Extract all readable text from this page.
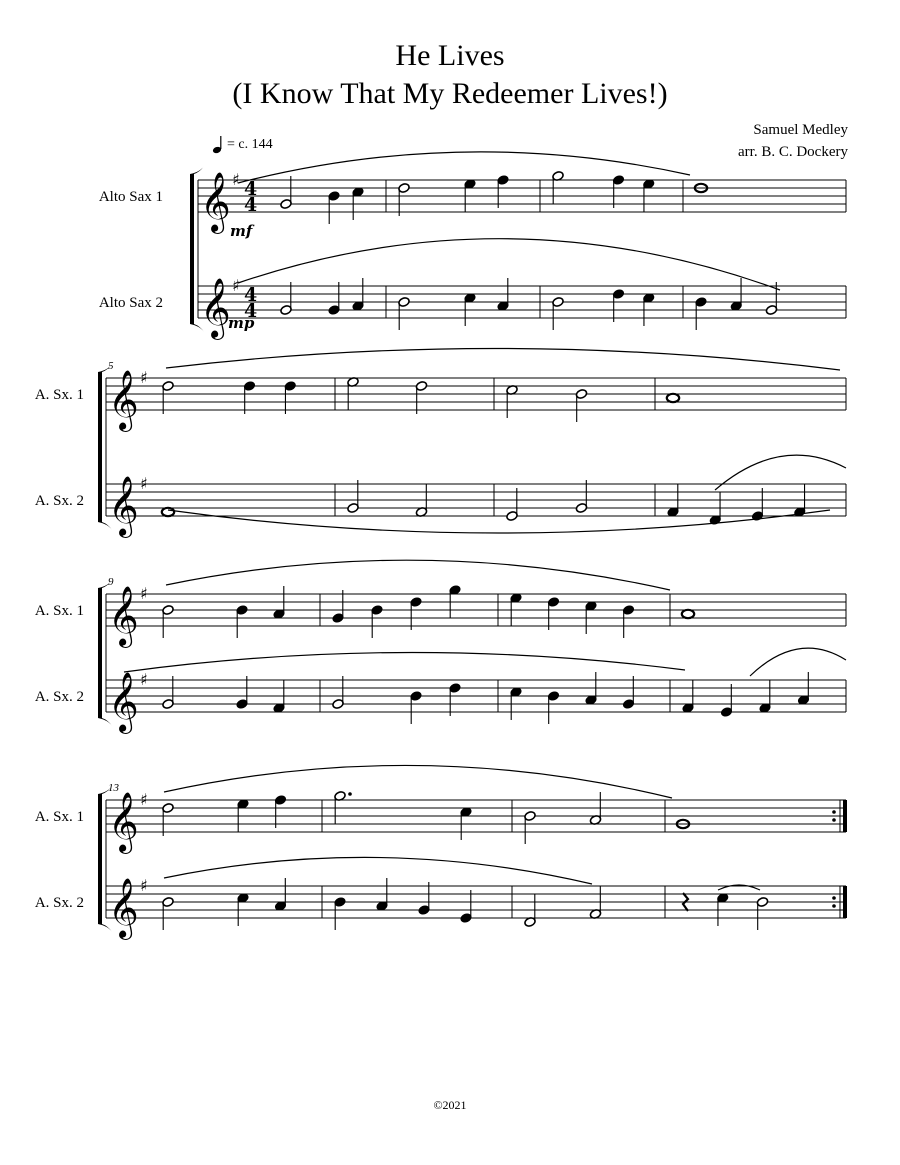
He Lives
(I Know That My Redeemer Lives!)
Samuel Medley
arr. B. C. Dockery
= c. 144
𝄞 ♯ 4
4
Alto Sax 1
𝄞 ♯ 4
4
Alto Sax 2
𝄞 ♯
A. Sx. 1
𝄞 ♯
A. Sx. 2
5
𝄞 ♯
A. Sx. 1
𝄞 ♯
A. Sx. 2
9
𝄞 ♯
A. Sx. 1
𝄞 ♯
A. Sx. 2
13
mf
mp
©2021
